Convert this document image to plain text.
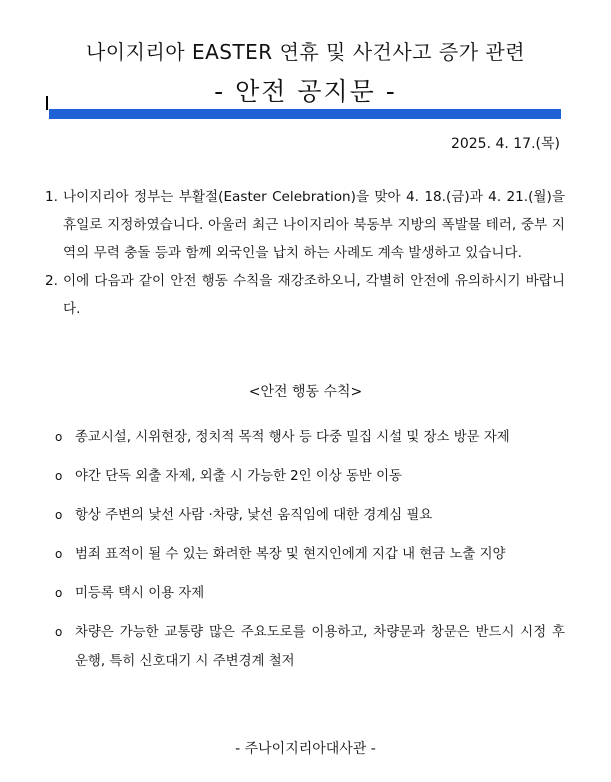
나이지리아 EASTER 연휴 및 사건사고 증가 관련
- 안전 공지문 -
2025. 4. 17.(목)
1. 나이지리아 정부는 부활절(Easter Celebration)을 맞아 4. 18.(금)과 4. 21.(월)을 휴일로 지정하였습니다. 아울러 최근 나이지리아 북동부 지방의 폭발물 테러, 중부 지역의 무력 충돌 등과 함께 외국인을 납치 하는 사례도 계속 발생하고 있습니다.
2. 이에 다음과 같이 안전 행동 수칙을 재강조하오니, 각별히 안전에 유의하시기 바랍니다.
<안전 행동 수칙>
o 종교시설, 시위현장, 정치적 목적 행사 등 다중 밀집 시설 및 장소 방문 자제
o 야간 단독 외출 자제, 외출 시 가능한 2인 이상 동반 이동
o 항상 주변의 낯선 사람 ·차량, 낯선 움직임에 대한 경계심 필요
o 범죄 표적이 될 수 있는 화려한 복장 및 현지인에게 지갑 내 현금 노출 지양
o 미등록 택시 이용 자제
o 차량은 가능한 교통량 많은 주요도로를 이용하고, 차량문과 창문은 반드시 시정 후 운행, 특히 신호대기 시 주변경계 철저
- 주나이지리아대사관 -
